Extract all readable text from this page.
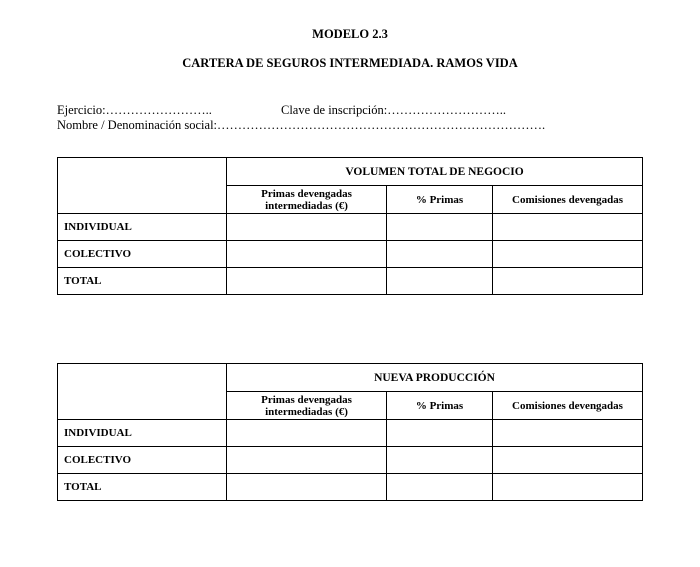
MODELO 2.3
CARTERA DE SEGUROS INTERMEDIADA. RAMOS VIDA
Ejercicio:……………………..	Clave de inscripción:………………………..
Nombre / Denominación social:…………………………………………………………………….
	VOLUMEN TOTAL DE NEGOCIO		
	Primas devengadas intermediadas (€)	% Primas	Comisiones devengadas
INDIVIDUAL			
COLECTIVO			
TOTAL			
	NUEVA PRODUCCIÓN		
	Primas devengadas intermediadas (€)	% Primas	Comisiones devengadas
INDIVIDUAL			
COLECTIVO			
TOTAL			
